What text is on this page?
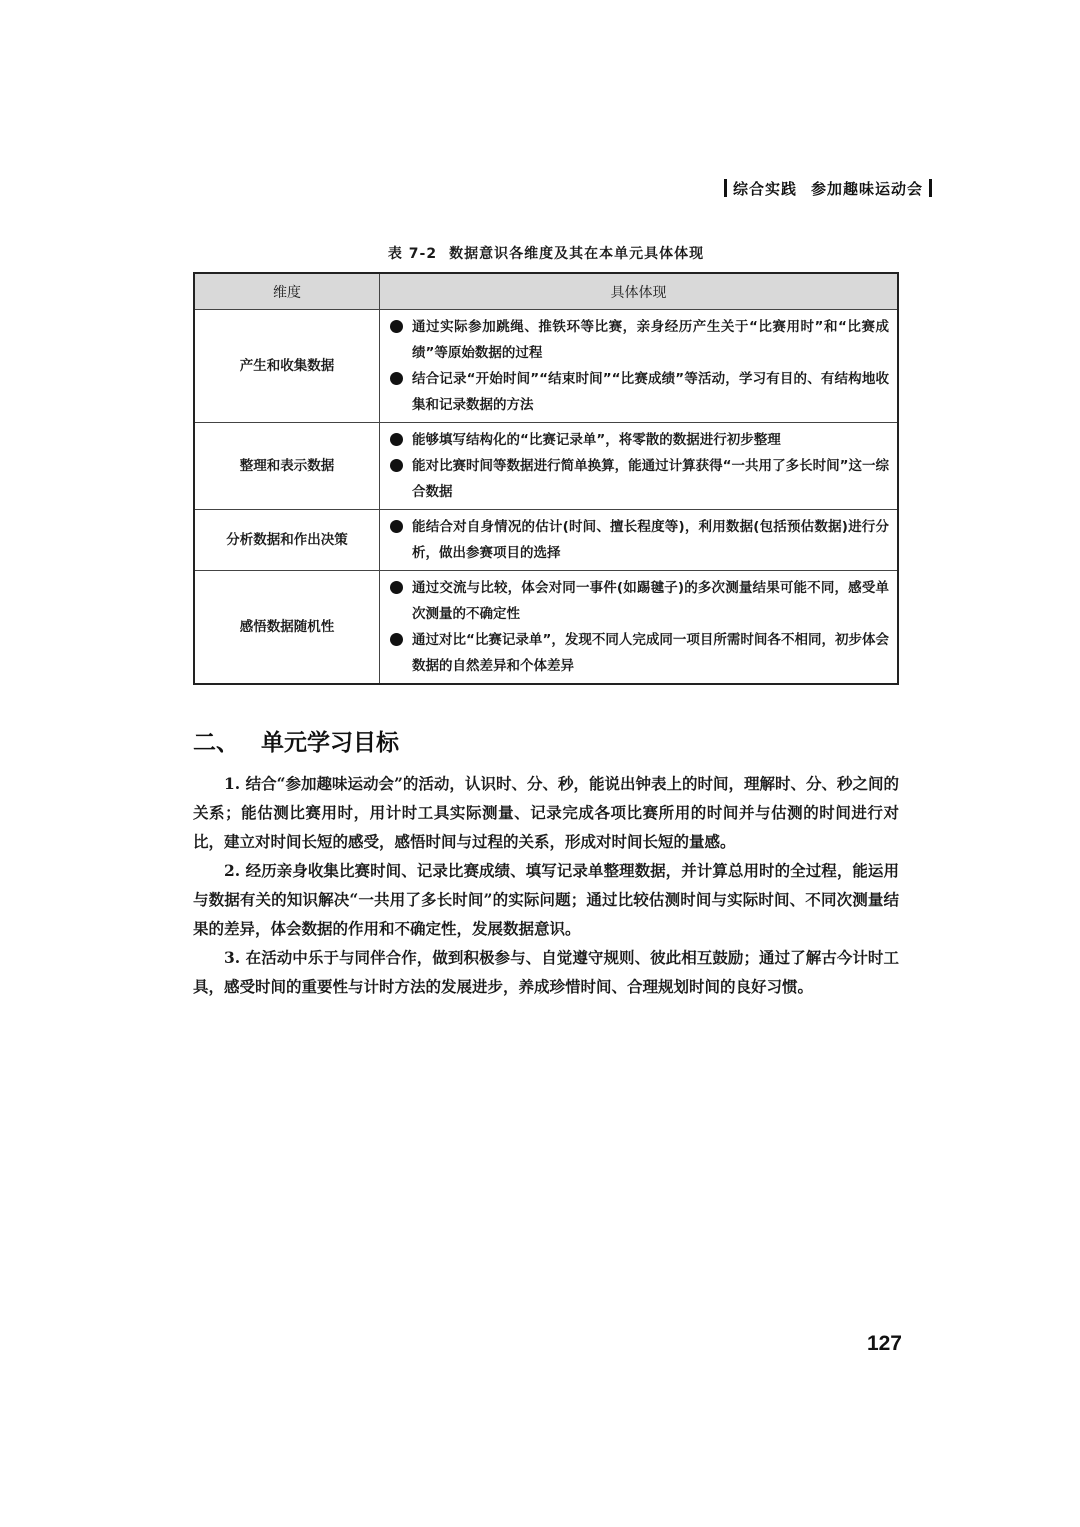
综合实践 参加趣味运动会
表 7-2 数据意识各维度及其在本单元具体体现
维度	具体体现
产生和收集数据	通过实际参加跳绳、推铁环等比赛，亲身经历产生关于“比赛用时”和“比赛成绩”等原始数据的过程
结合记录“开始时间”“结束时间”“比赛成绩”等活动，学习有目的、有结构地收集和记录数据的方法

整理和表示数据	能够填写结构化的“比赛记录单”，将零散的数据进行初步整理
能对比赛时间等数据进行简单换算，能通过计算获得“一共用了多长时间”这一综合数据

分析数据和作出决策	能结合对自身情况的估计(时间、擅长程度等)，利用数据(包括预估数据)进行分析，做出参赛项目的选择

感悟数据随机性	通过交流与比较，体会对同一事件(如踢毽子)的多次测量结果可能不同，感受单次测量的不确定性
通过对比“比赛记录单”，发现不同人完成同一项目所需时间各不相同，初步体会数据的自然差异和个体差异
二、 单元学习目标

1. 结合“参加趣味运动会”的活动，认识时、分、秒，能说出钟表上的时间，理解时、分、秒之间的关系；能估测比赛用时，用计时工具实际测量、记录完成各项比赛所用的时间并与估测的时间进行对比，建立对时间长短的感受，感悟时间与过程的关系，形成对时间长短的量感。

2. 经历亲身收集比赛时间、记录比赛成绩、填写记录单整理数据，并计算总用时的全过程，能运用与数据有关的知识解决“一共用了多长时间”的实际问题；通过比较估测时间与实际时间、不同次测量结果的差异，体会数据的作用和不确定性，发展数据意识。

3. 在活动中乐于与同伴合作，做到积极参与、自觉遵守规则、彼此相互鼓励；通过了解古今计时工具，感受时间的重要性与计时方法的发展进步，养成珍惜时间、合理规划时间的良好习惯。

127
